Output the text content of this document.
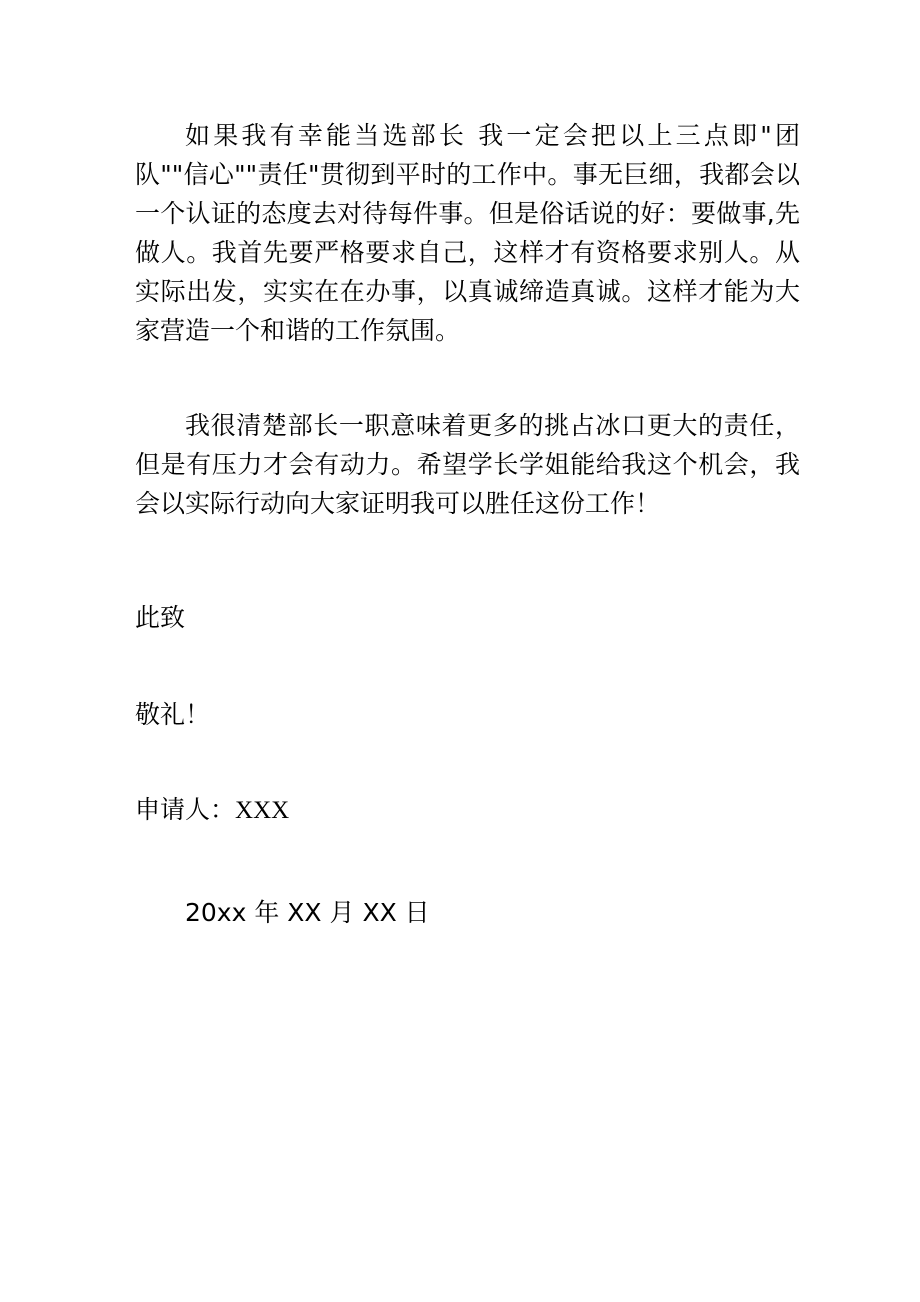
如果我有幸能当选部长 我一定会把以上三点即"团队""信心""责任"贯彻到平时的工作中。事无巨细，我都会以一个认证的态度去对待每件事。但是俗话说的好：要做事,先做人。我首先要严格要求自己，这样才有资格要求别人。从实际出发，实实在在办事，以真诚缔造真诚。这样才能为大家营造一个和谐的工作氛围。

我很清楚部长一职意味着更多的挑占冰口更大的责任，但是有压力才会有动力。希望学长学姐能给我这个机会，我会以实际行动向大家证明我可以胜任这份工作！

此致

敬礼！

申请人：XXX

20xx 年 XX 月 XX 日
